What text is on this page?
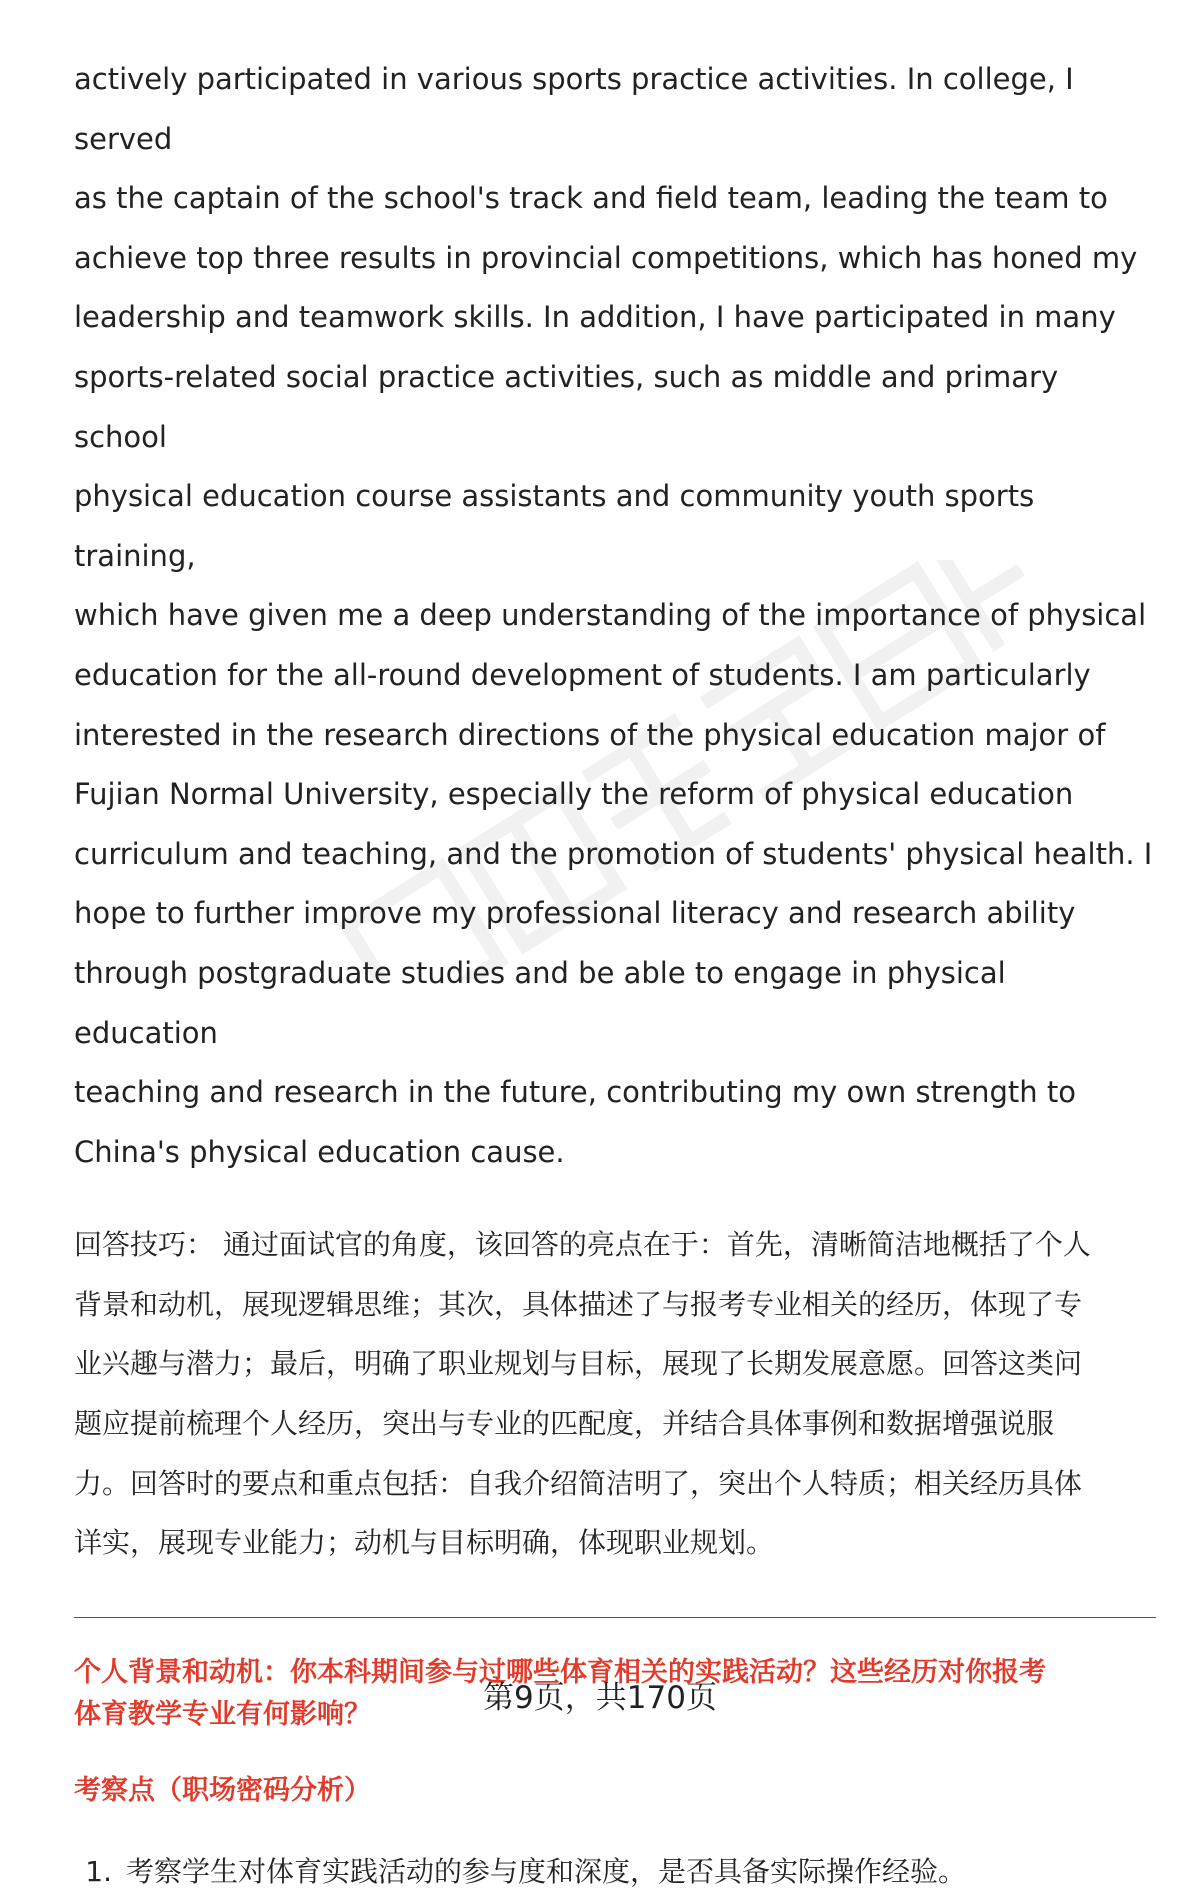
actively participated in various sports practice activities. In college, I served
as the captain of the school's track and field team, leading the team to
achieve top three results in provincial competitions, which has honed my
leadership and teamwork skills. In addition, I have participated in many
sports-related social practice activities, such as middle and primary school
physical education course assistants and community youth sports training,
which have given me a deep understanding of the importance of physical
education for the all-round development of students. I am particularly
interested in the research directions of the physical education major of
Fujian Normal University, especially the reform of physical education
curriculum and teaching, and the promotion of students' physical health. I
hope to further improve my professional literacy and research ability
through postgraduate studies and be able to engage in physical education
teaching and research in the future, contributing my own strength to
China's physical education cause.

回答技巧： 通过面试官的角度，该回答的亮点在于：首先，清晰简洁地概括了个人
背景和动机，展现逻辑思维；其次，具体描述了与报考专业相关的经历，体现了专
业兴趣与潜力；最后，明确了职业规划与目标，展现了长期发展意愿。回答这类问
题应提前梳理个人经历，突出与专业的匹配度，并结合具体事例和数据增强说服
力。回答时的要点和重点包括：自我介绍简洁明了，突出个人特质；相关经历具体
详实，展现专业能力；动机与目标明确，体现职业规划。

个人背景和动机：你本科期间参与过哪些体育相关的实践活动？这些经历对你报考
体育教学专业有何影响？
考察点（职场密码分析）
1. 考察学生对体育实践活动的参与度和深度，是否具备实际操作经验。
第9页，共170页
